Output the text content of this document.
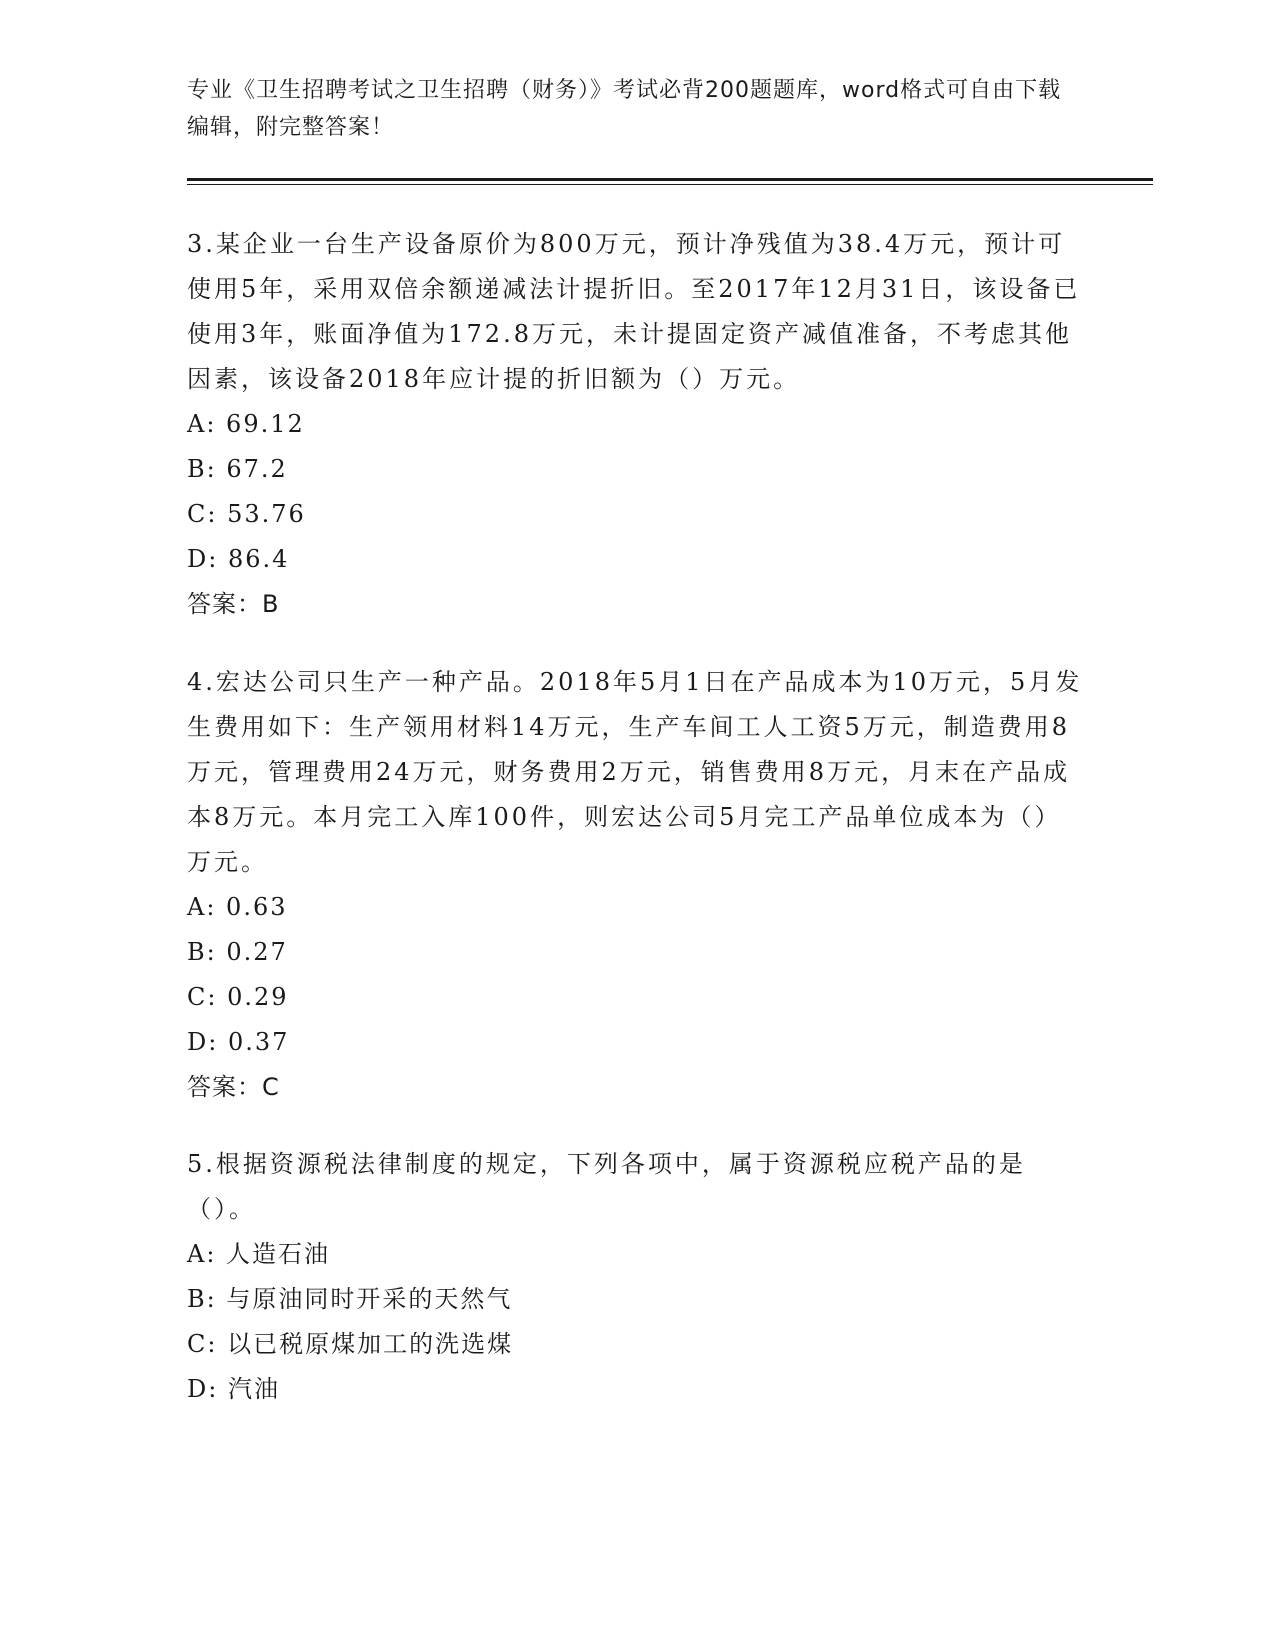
专业《卫生招聘考试之卫生招聘（财务）》考试必背200题题库，word格式可自由下载编辑，附完整答案！

3.某企业一台生产设备原价为800万元，预计净残值为38.4万元，预计可使用5年，采用双倍余额递减法计提折旧。至2017年12月31日，该设备已使用3年，账面净值为172.8万元，未计提固定资产减值准备，不考虑其他因素，该设备2018年应计提的折旧额为（）万元。

A: 69.12

B: 67.2

C: 53.76

D: 86.4

答案：B

4.宏达公司只生产一种产品。2018年5月1日在产品成本为10万元，5月发生费用如下：生产领用材料14万元，生产车间工人工资5万元，制造费用8万元，管理费用24万元，财务费用2万元，销售费用8万元，月末在产品成本8万元。本月完工入库100件，则宏达公司5月完工产品单位成本为（）万元。

A: 0.63

B: 0.27

C: 0.29

D: 0.37

答案：C

5.根据资源税法律制度的规定，下列各项中，属于资源税应税产品的是（）。

A: 人造石油

B: 与原油同时开采的天然气

C: 以已税原煤加工的洗选煤

D: 汽油
